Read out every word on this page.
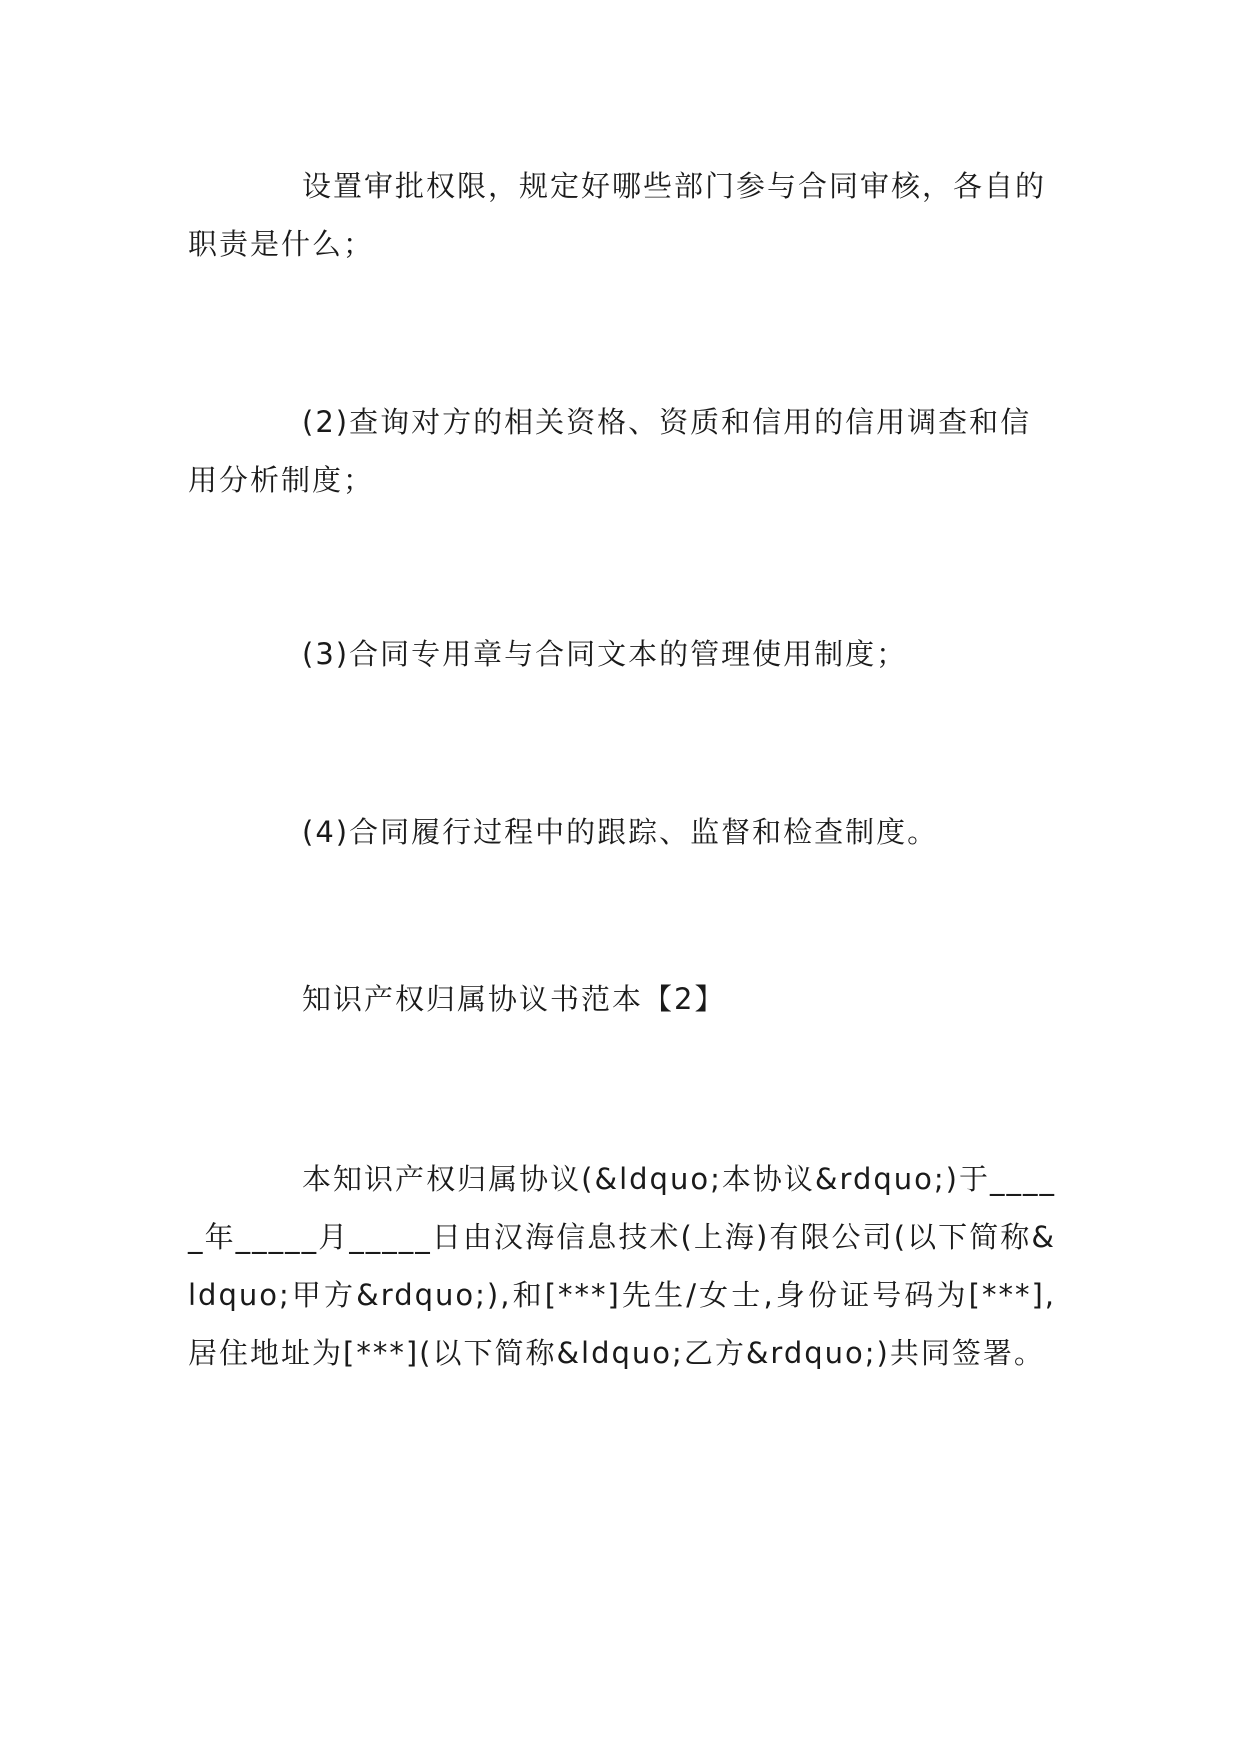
设置审批权限，规定好哪些部门参与合同审核，各自的职责是什么；

(2)查询对方的相关资格、资质和信用的信用调查和信用分析制度；

(3)合同专用章与合同文本的管理使用制度；

(4)合同履行过程中的跟踪、监督和检查制度。

知识产权归属协议书范本【2】

本知识产权归属协议(&ldquo;本协议&rdquo;)于_____年_____月_____日由汉海信息技术(上海)有限公司(以下简称&ldquo;甲方&rdquo;),和[***]先生/女士,身份证号码为[***],居住地址为[***](以下简称&ldquo;乙方&rdquo;)共同签署。
